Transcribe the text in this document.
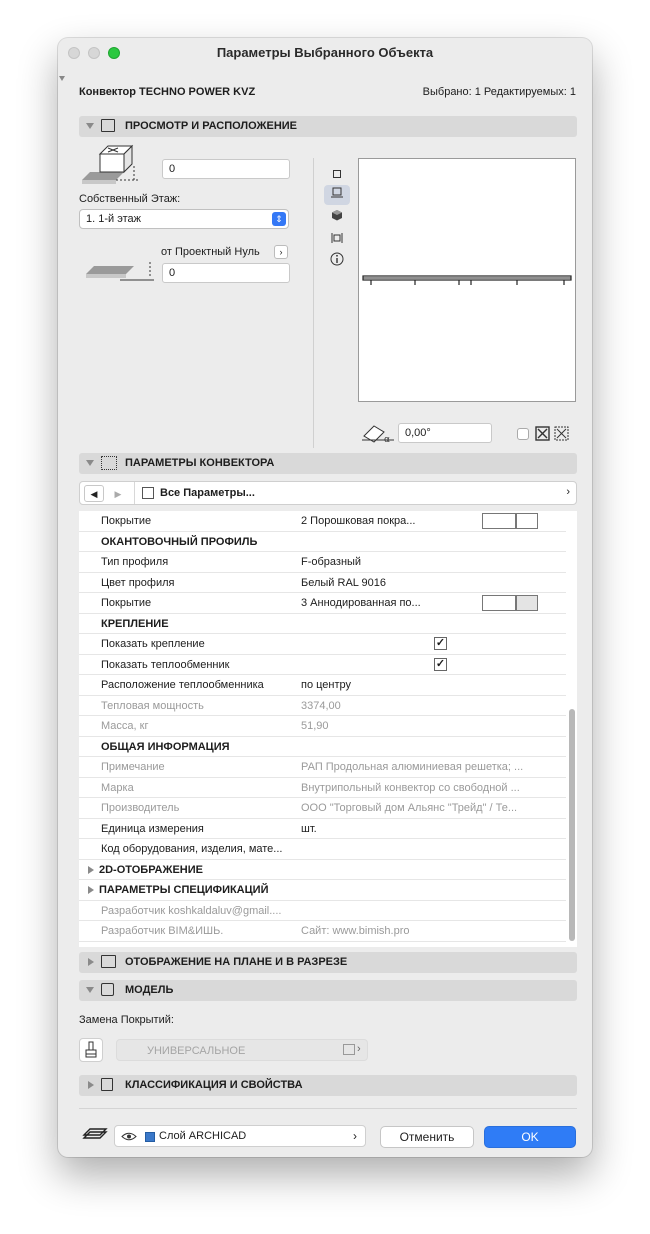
Параметры Выбранного Объекта
Конвектор TECHNO POWER KVZ	Выбрано: 1 Редактируемых: 1
ПРОСМОТР И РАСПОЛОЖЕНИЕ
0
Собственный Этаж:
1. 1-й этаж	⇕
от Проектный Нуль	›
0
α
0,00°
ПАРАМЕТРЫ КОНВЕКТОРА
◀	▶	Все Параметры...	›
Покрытие	2 Порошковая покра...
ОКАНТОВОЧНЫЙ ПРОФИЛЬ
Тип профиля	F-образный
Цвет профиля	Белый RAL 9016
Покрытие	3 Аннодированная по...
КРЕПЛЕНИЕ
Показать крепление	✓
Показать теплообменник	✓
Расположение теплообменника	по центру
Тепловая мощность	3374,00
Масса, кг	51,90
ОБЩАЯ ИНФОРМАЦИЯ
Примечание	РАП Продольная алюминиевая решетка; ...
Марка	Внутрипольный конвектор со свободной ...
Производитель	ООО "Торговый дом Альянс "Трейд" / Те...
Единица измерения	шт.
Код оборудования, изделия, мате...
2D-ОТОБРАЖЕНИЕ
ПАРАМЕТРЫ СПЕЦИФИКАЦИЙ
Разработчик koshkaldaluv@gmail....
Разработчик BIM&ИШЬ.	Сайт: www.bimish.pro
ОТОБРАЖЕНИЕ НА ПЛАНЕ И В РАЗРЕЗЕ
МОДЕЛЬ
Замена Покрытий:
УНИВЕРСАЛЬНОЕ	›
КЛАССИФИКАЦИЯ И СВОЙСТВА
Слой ARCHICAD	›	Отменить	OK
